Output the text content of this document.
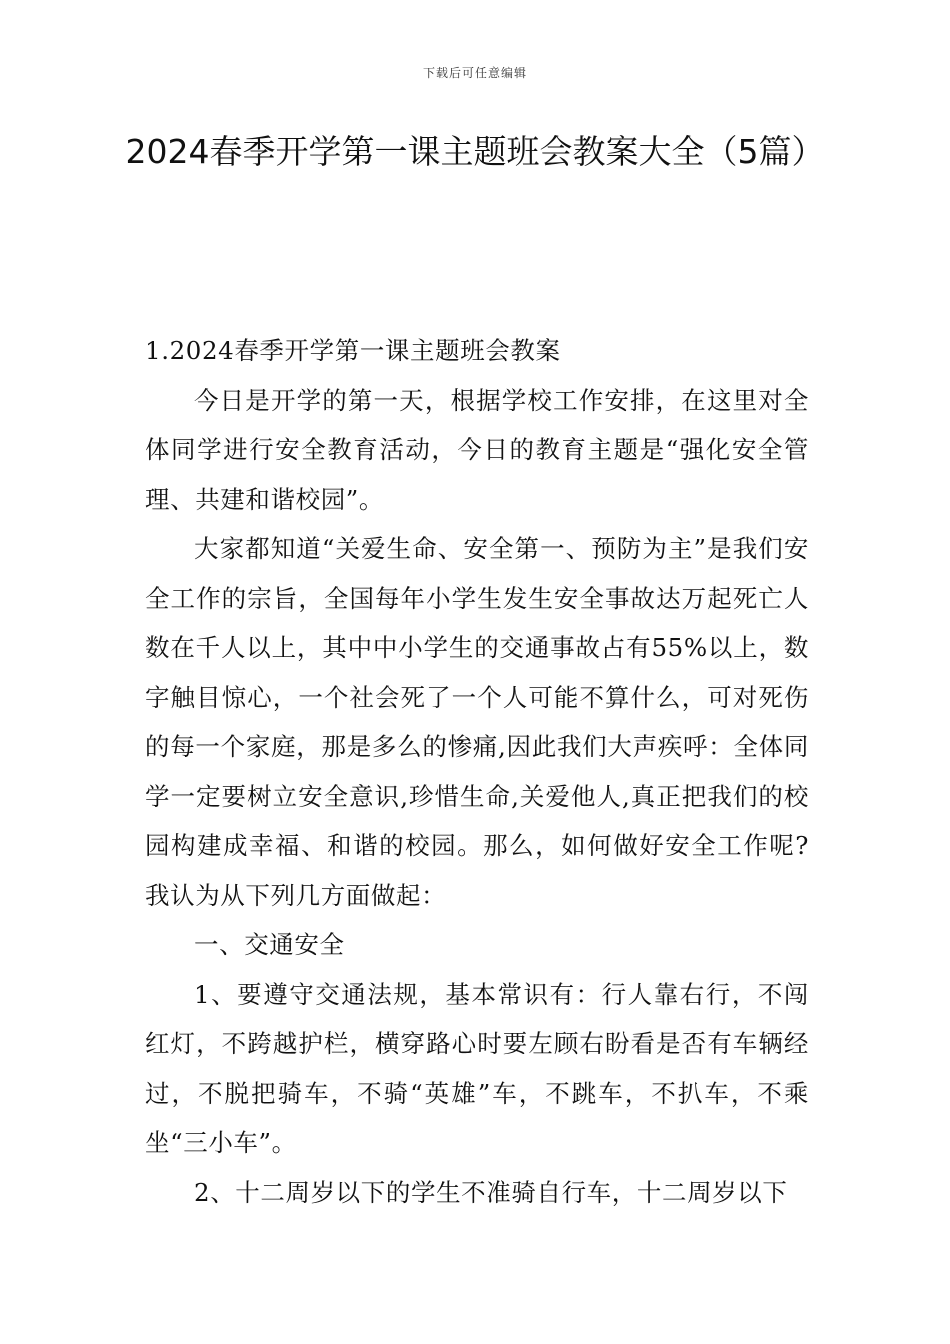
下载后可任意编辑
2024春季开学第一课主题班会教案大全（5篇）

1.2024春季开学第一课主题班会教案

今日是开学的第一天，根据学校工作安排，在这里对全体同学进行安全教育活动，今日的教育主题是“强化安全管理、共建和谐校园”。

大家都知道“关爱生命、安全第一、预防为主”是我们安全工作的宗旨，全国每年小学生发生安全事故达万起死亡人数在千人以上，其中中小学生的交通事故占有55%以上，数字触目惊心，一个社会死了一个人可能不算什么，可对死伤的每一个家庭，那是多么的惨痛,因此我们大声疾呼：全体同学一定要树立安全意识,珍惜生命,关爱他人,真正把我们的校园构建成幸福、和谐的校园。那么，如何做好安全工作呢?我认为从下列几方面做起：

一、交通安全

1、要遵守交通法规，基本常识有：行人靠右行，不闯红灯，不跨越护栏，横穿路心时要左顾右盼看是否有车辆经过，不脱把骑车，不骑“英雄”车，不跳车，不扒车，不乘坐“三小车”。

2、十二周岁以下的学生不准骑自行车，十二周岁以下
